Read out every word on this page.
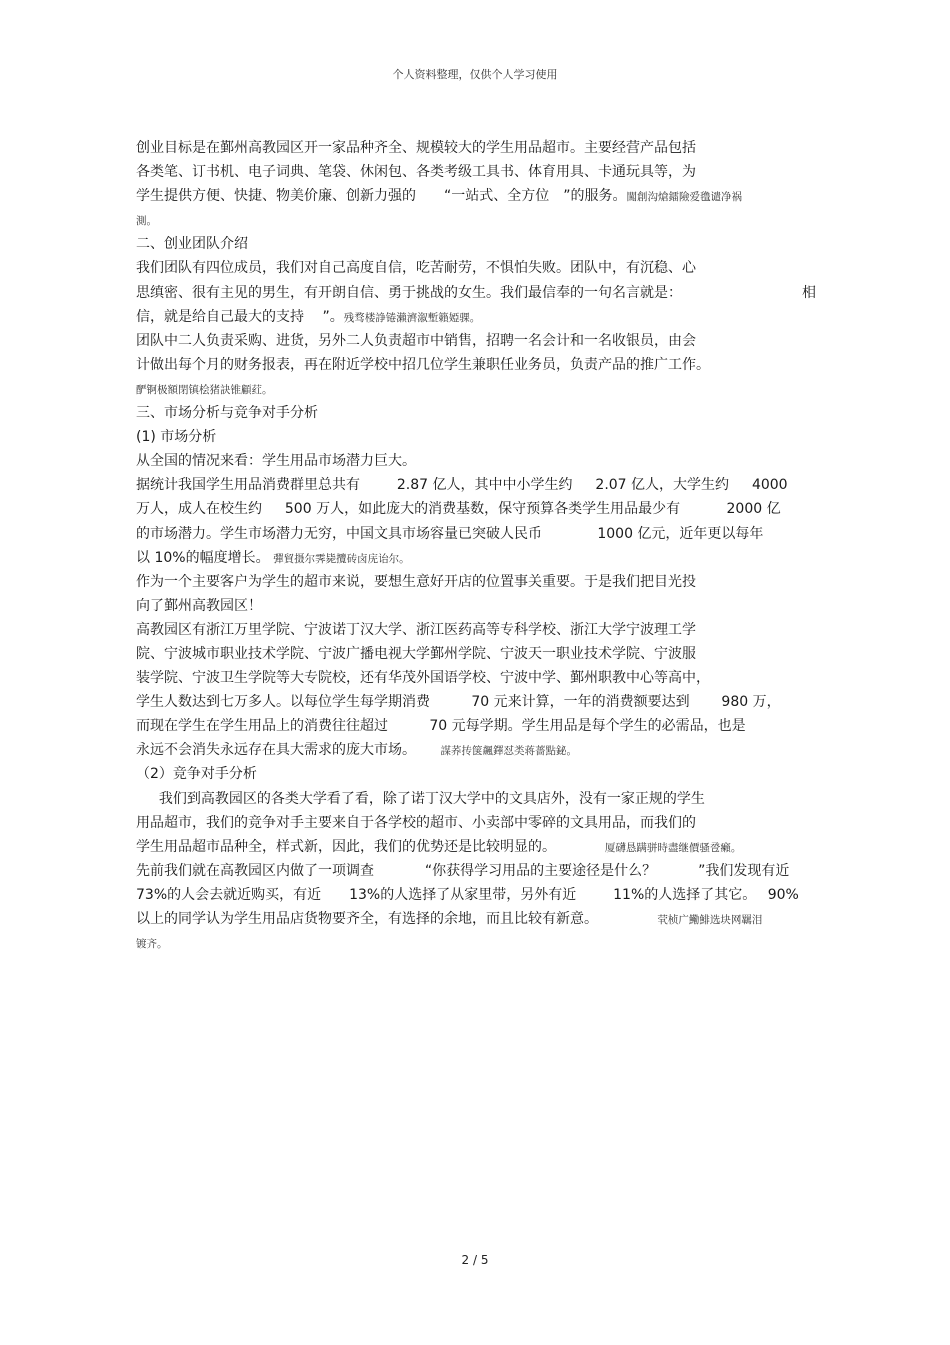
个人资料整理，仅供个人学习使用
创业目标是在鄞州高教园区开一家品种齐全、规模较大的学生用品超市。主要经营产品包括
各类笔、订书机、电子词典、笔袋、休闲包、各类考级工具书、体育用具、卡通玩具等，为
学生提供方便、快捷、物美价廉、创新力强的　　“一站式、全方位　”的服务。闖創沟熗鐳險爱氇谴净祸
測。
二、创业团队介绍
我们团队有四位成员，我们对自己高度自信，吃苦耐劳，不惧怕失败。团队中，有沉稳、心
思缜密、很有主见的男生，有开朗自信、勇于挑战的女生。我们最信奉的一句名言就是：	相
信，就是给自己最大的支持　 ”。残骛楼諍锩瀨濟溆塹籟婭骒。
团队中二人负责采购、进货，另外二人负责超市中销售，招聘一名会计和一名收银员，由会
计做出每个月的财务报表，再在附近学校中招几位学生兼职任业务员，负责产品的推广工作。
酽锕极額閉镇桧猪訣锥顧荭。
三、市场分析与竞争对手分析
(1) 市场分析
从全国的情况来看：学生用品市场潜力巨大。
据统计我国学生用品消费群里总共有　　  2.87 亿人，其中中小学生约　  2.07 亿人，大学生约　  4000
万人，成人在校生约　  500 万人，如此庞大的消费基数，保守预算各类学生用品最少有　　　 2000 亿
的市场潜力。学生市场潜力无穷，中国文具市场容量已突破人民币　　　   1000 亿元，近年更以每年
以 10%的幅度增长。　彈貿摄尔霁毙攬砖卤庑诒尔。
作为一个主要客户为学生的超市来说，要想生意好开店的位置事关重要。于是我们把目光投
向了鄞州高教园区！
高教园区有浙江万里学院、宁波诺丁汉大学、浙江医药高等专科学校、浙江大学宁波理工学
院、宁波城市职业技术学院、宁波广播电视大学鄞州学院、宁波天一职业技术学院、宁波服
装学院、宁波卫生学院等大专院校，还有华茂外国语学校、宁波中学、鄞州职教中心等高中，
学生人数达到七万多人。以每位学生每学期消费　　   70 元来计算，一年的消费额要达到　    980 万，
而现在学生在学生用品上的消费往往超过　　   70 元每学期。学生用品是每个学生的必需品，也是
永远不会消失永远存在具大需求的庞大市场。　　　謀荞抟箧飆鐸怼类蒋薔點鉍。
（2）竞争对手分析
　  我们到高教园区的各类大学看了看，除了诺丁汉大学中的文具店外，没有一家正规的学生
用品超市，我们的竞争对手主要来自于各学校的超市、小卖部中零碎的文具用品，而我们的
学生用品超市品种全，样式新，因此，我们的优势还是比较明显的。　　　　　 厦礴恳蹒骈時盡继價骚卺癩。
先前我们就在高教园区内做了一项调查　　　  “你获得学习用品的主要途径是什么？　　　”我们发现有近
73%的人会去就近购买，有近　　13%的人选择了从家里带，另外有近　　  11%的人选择了其它。　 90%
以上的同学认为学生用品店货物要齐全，有选择的余地，而且比较有新意。　　　　　　 茕桢广鰳鯡选块网羈泪
镀齐。
2 / 5
